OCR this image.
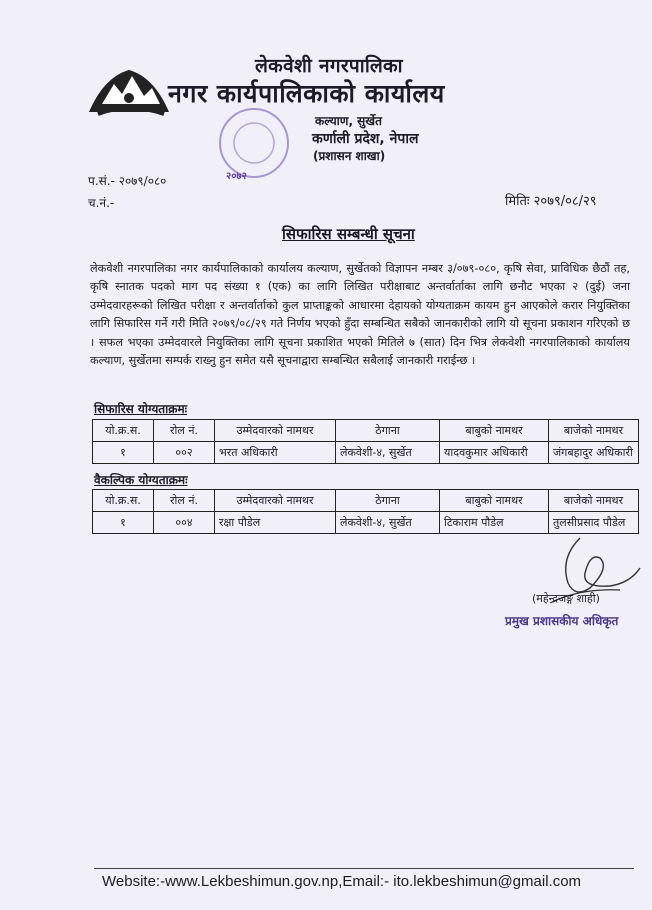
लेकवेशी नगरपालिका
नगर कार्यपालिकाको कार्यालय
२०७२
कल्याण, सुर्खेत
कर्णाली प्रदेश, नेपाल
(प्रशासन शाखा)
प.सं.- २०७९/०८०
च.नं.-	मितिः २०७९/०८/२९
सिफारिस सम्बन्धी सूचना
लेकवेशी नगरपालिका नगर कार्यपालिकाको कार्यालय कल्याण, सुर्खेतको विज्ञापन नम्बर ३/०७९-०८०, कृषि सेवा, प्राविधिक छैठौं तह, कृषि स्नातक पदको माग पद संख्या १ (एक) का लागि लिखित परीक्षाबाट अन्तर्वार्ताका लागि छनौट भएका २ (दुई) जना उम्मेदवारहरूको लिखित परीक्षा र अन्तर्वार्ताको कुल प्राप्ताङ्कको आधारमा देहायको योग्यताक्रम कायम हुन आएकोले करार नियुक्तिका लागि सिफारिस गर्ने गरी मिति २०७९/०८/२९ गते निर्णय भएको हुँदा सम्बन्धित सबैको जानकारीको लागि यो सूचना प्रकाशन गरिएको छ । सफल भएका उम्मेदवारले नियुक्तिका लागि सूचना प्रकाशित भएको मितिले ७ (सात) दिन भित्र लेकवेशी नगरपालिकाको कार्यालय कल्याण, सुर्खेतमा सम्पर्क राख्नु हुन समेत यसै सूचनाद्वारा सम्बन्धित सबैलाई जानकारी गराईन्छ ।
सिफारिस योग्यताक्रमः
यो.क्र.स.	रोल नं.	उम्मेदवारको नामथर	ठेगाना	बाबुको नामथर	बाजेको नामथर
१	००२	भरत अधिकारी	लेकवेशी-४, सुर्खेत	यादवकुमार अधिकारी	जंगबहादुर अधिकारी
वैकल्पिक योग्यताक्रमः
यो.क्र.स.	रोल नं.	उम्मेदवारको नामथर	ठेगाना	बाबुको नामथर	बाजेको नामथर
१	००४	रक्षा पौडेल	लेकवेशी-४, सुर्खेत	टिकाराम पौडेल	तुलसीप्रसाद पौडेल
(महेन्द्रजङ्ग शाही)
प्रमुख प्रशासकीय अधिकृत
Website:-www.Lekbeshimun.gov.np,Email:- ito.lekbeshimun@gmail.com
